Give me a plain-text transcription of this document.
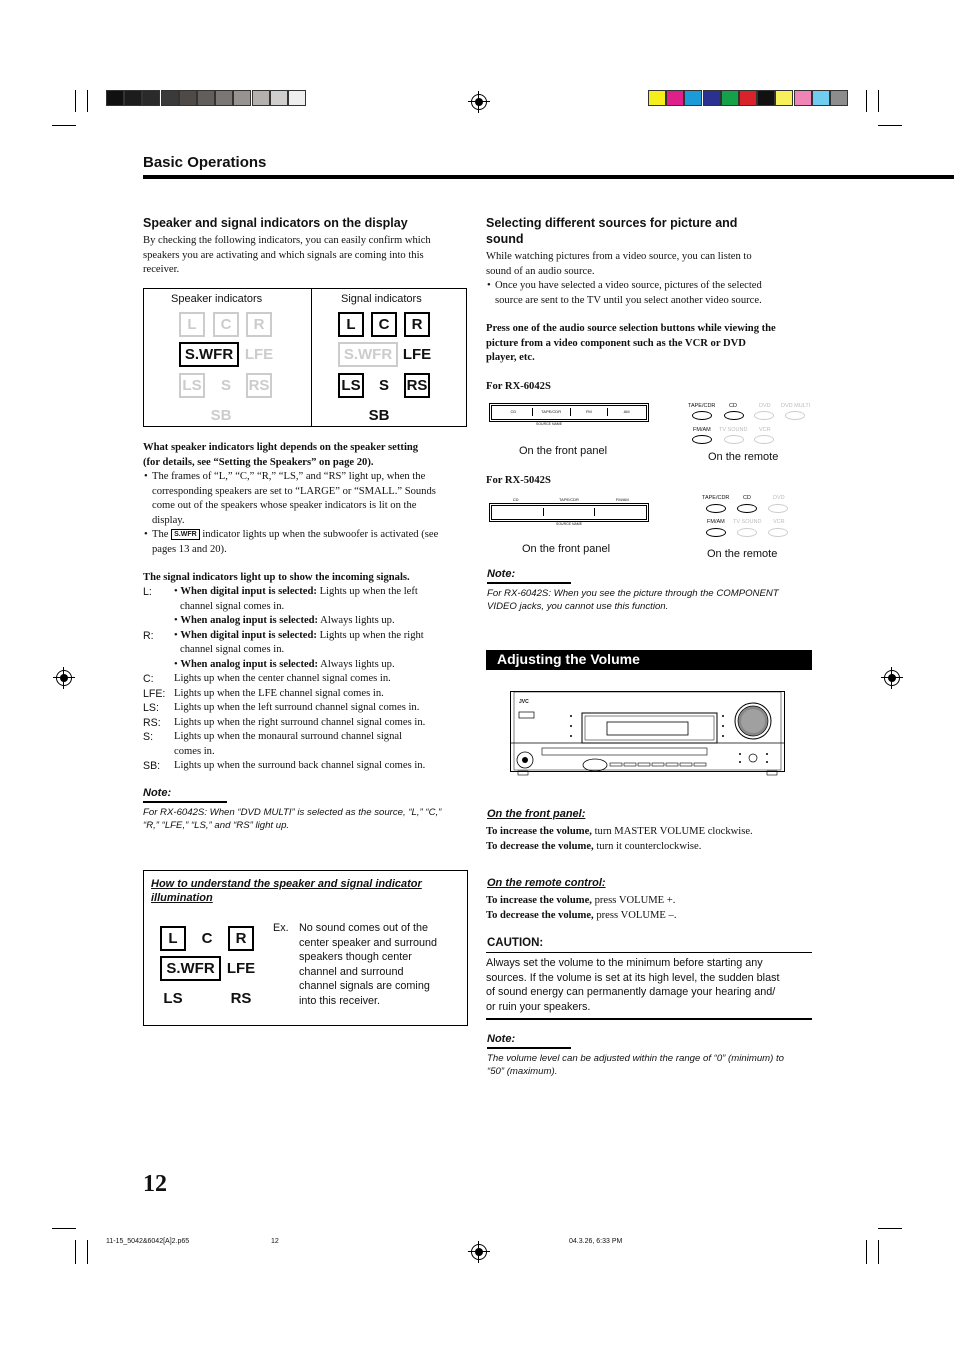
Basic Operations
Speaker and signal indicators on the display
By checking the following indicators, you can easily confirm which
speakers you are activating and which signals are coming into this
receiver.
Speaker indicators	Signal indicators
L	C	R
S.WFR LFE
LS	S	RS
SB
L	C	R
S.WFR LFE
LS	S	RS
SB
What speaker indicators light depends on the speaker setting
(for details, see “Setting the Speakers” on page 20).
• The frames of “L,” “C,” “R,” “LS,” and “RS” light up, when the
corresponding speakers are set to “LARGE” or “SMALL.” Sounds
come out of the speakers whose speaker indicators is lit on the
display.
• The S.WFR indicator lights up when the subwoofer is activated (see
pages 13 and 20).
The signal indicators light up to show the incoming signals.
L: • When digital input is selected: Lights up when the left
channel signal comes in.
• When analog input is selected: Always lights up.
R: • When digital input is selected: Lights up when the right
channel signal comes in.
• When analog input is selected: Always lights up.
C: Lights up when the center channel signal comes in.
LFE: Lights up when the LFE channel signal comes in.
LS: Lights up when the left surround channel signal comes in.
RS: Lights up when the right surround channel signal comes in.
S: Lights up when the monaural surround channel signal
comes in.
SB: Lights up when the surround back channel signal comes in.
Note:
For RX-6042S: When “DVD MULTI” is selected as the source, “L,” “C,”
“R,” “LFE,” “LS,” and “RS” light up.
How to understand the speaker and signal indicator
illumination
L	C	R
S.WFR LFE
LS	RS
Ex. No sound comes out of the
center speaker and surround
speakers though center
channel and surround
channel signals are coming
into this receiver.
Selecting different sources for picture and
sound
While watching pictures from a video source, you can listen to
sound of an audio source.
• Once you have selected a video source, pictures of the selected
source are sent to the TV until you select another video source.
Press one of the audio source selection buttons while viewing the
picture from a video component such as the VCR or DVD
player, etc.
For RX-6042S
CD	TAPE/CDR	FM	AM
SOURCE NAME
On the front panel
TAPE/CDR CD	DVD DVD MULTI
FM/AM TV SOUND VCR
On the remote
For RX-5042S
CD	TAPE/CDR	FM/AM
SOURCE NAME
On the front panel
TAPE/CDR CD	DVD
FM/AM TV SOUND VCR
On the remote
Note:
For RX-6042S: When you see the picture through the COMPONENT
VIDEO jacks, you cannot use this function.
Adjusting the Volume
JVC
On the front panel:
To increase the volume, turn MASTER VOLUME clockwise.
To decrease the volume, turn it counterclockwise.
On the remote control:
To increase the volume, press VOLUME +.
To decrease the volume, press VOLUME –.
CAUTION:
Always set the volume to the minimum before starting any
sources. If the volume is set at its high level, the sudden blast
of sound energy can permanently damage your hearing and/
or ruin your speakers.
Note:
The volume level can be adjusted within the range of “0” (minimum) to
“50” (maximum).
12
11-15_5042&6042[A]2.p65	12	04.3.26, 6:33 PM
